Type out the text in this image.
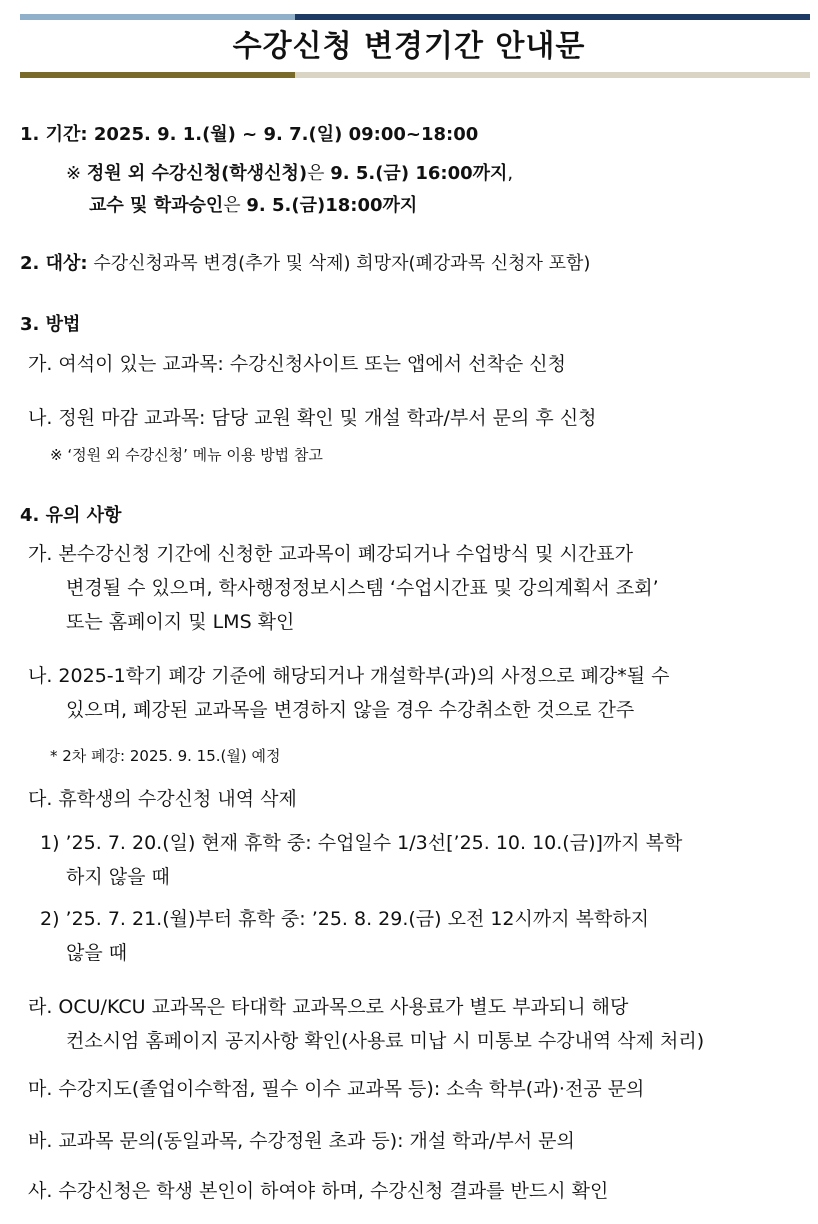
수강신청 변경기간 안내문
1. 기간: 2025. 9. 1.(월) ~ 9. 7.(일) 09:00~18:00
※ 정원 외 수강신청(학생신청)은 9. 5.(금) 16:00까지,
교수 및 학과승인은 9. 5.(금)18:00까지
2. 대상: 수강신청과목 변경(추가 및 삭제) 희망자(폐강과목 신청자 포함)
3. 방법
가. 여석이 있는 교과목: 수강신청사이트 또는 앱에서 선착순 신청
나. 정원 마감 교과목: 담당 교원 확인 및 개설 학과/부서 문의 후 신청
※ ‘정원 외 수강신청’ 메뉴 이용 방법 참고
4. 유의 사항
가. 본수강신청 기간에 신청한 교과목이 폐강되거나 수업방식 및 시간표가
변경될 수 있으며, 학사행정정보시스템 ‘수업시간표 및 강의계획서 조회’
또는 홈페이지 및 LMS 확인
나. 2025-1학기 폐강 기준에 해당되거나 개설학부(과)의 사정으로 폐강*될 수
있으며, 폐강된 교과목을 변경하지 않을 경우 수강취소한 것으로 간주
* 2차 폐강: 2025. 9. 15.(월) 예정
다. 휴학생의 수강신청 내역 삭제
1) ’25. 7. 20.(일) 현재 휴학 중: 수업일수 1/3선[’25. 10. 10.(금)]까지 복학
하지 않을 때
2) ’25. 7. 21.(월)부터 휴학 중: ’25. 8. 29.(금) 오전 12시까지 복학하지
않을 때
라. OCU/KCU 교과목은 타대학 교과목으로 사용료가 별도 부과되니 해당
컨소시엄 홈페이지 공지사항 확인(사용료 미납 시 미통보 수강내역 삭제 처리)
마. 수강지도(졸업이수학점, 필수 이수 교과목 등): 소속 학부(과)·전공 문의
바. 교과목 문의(동일과목, 수강정원 초과 등): 개설 학과/부서 문의
사. 수강신청은 학생 본인이 하여야 하며, 수강신청 결과를 반드시 확인
